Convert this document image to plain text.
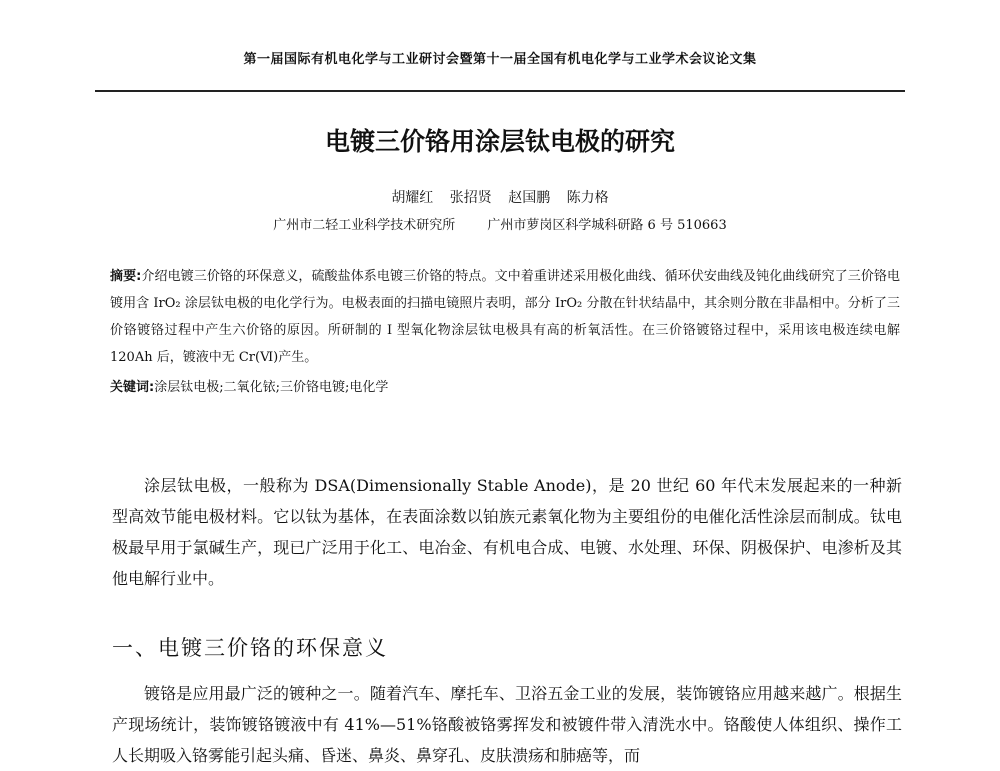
第一届国际有机电化学与工业研讨会暨第十一届全国有机电化学与工业学术会议论文集
电镀三价铬用涂层钛电极的研究
胡耀红 张招贤 赵国鹏 陈力格
广州市二轻工业科学技术研究所 广州市萝岗区科学城科研路 6 号 510663
摘要:介绍电镀三价铬的环保意义，硫酸盐体系电镀三价铬的特点。文中着重讲述采用极化曲线、循环伏安曲线及钝化曲线研究了三价铬电镀用含 IrO₂ 涂层钛电极的电化学行为。电极表面的扫描电镜照片表明，部分 IrO₂ 分散在针状结晶中，其余则分散在非晶相中。分析了三价铬镀铬过程中产生六价铬的原因。所研制的 I 型氧化物涂层钛电极具有高的析氧活性。在三价铬镀铬过程中，采用该电极连续电解 120Ah 后，镀液中无 Cr(Ⅵ)产生。
关键词:涂层钛电极;二氧化铱;三价铬电镀;电化学
涂层钛电极，一般称为 DSA(Dimensionally Stable Anode)，是 20 世纪 60 年代末发展起来的一种新型高效节能电极材料。它以钛为基体，在表面涂数以铂族元素氧化物为主要组份的电催化活性涂层而制成。钛电极最早用于氯碱生产，现已广泛用于化工、电冶金、有机电合成、电镀、水处理、环保、阴极保护、电渗析及其他电解行业中。
一、电镀三价铬的环保意义
镀铬是应用最广泛的镀种之一。随着汽车、摩托车、卫浴五金工业的发展，装饰镀铬应用越来越广。根据生产现场统计，装饰镀铬镀液中有 41%—51%铬酸被铬雾挥发和被镀件带入清洗水中。铬酸使人体组织、操作工人长期吸入铬雾能引起头痛、昏迷、鼻炎、鼻穿孔、皮肤溃疡和肺癌等，而
